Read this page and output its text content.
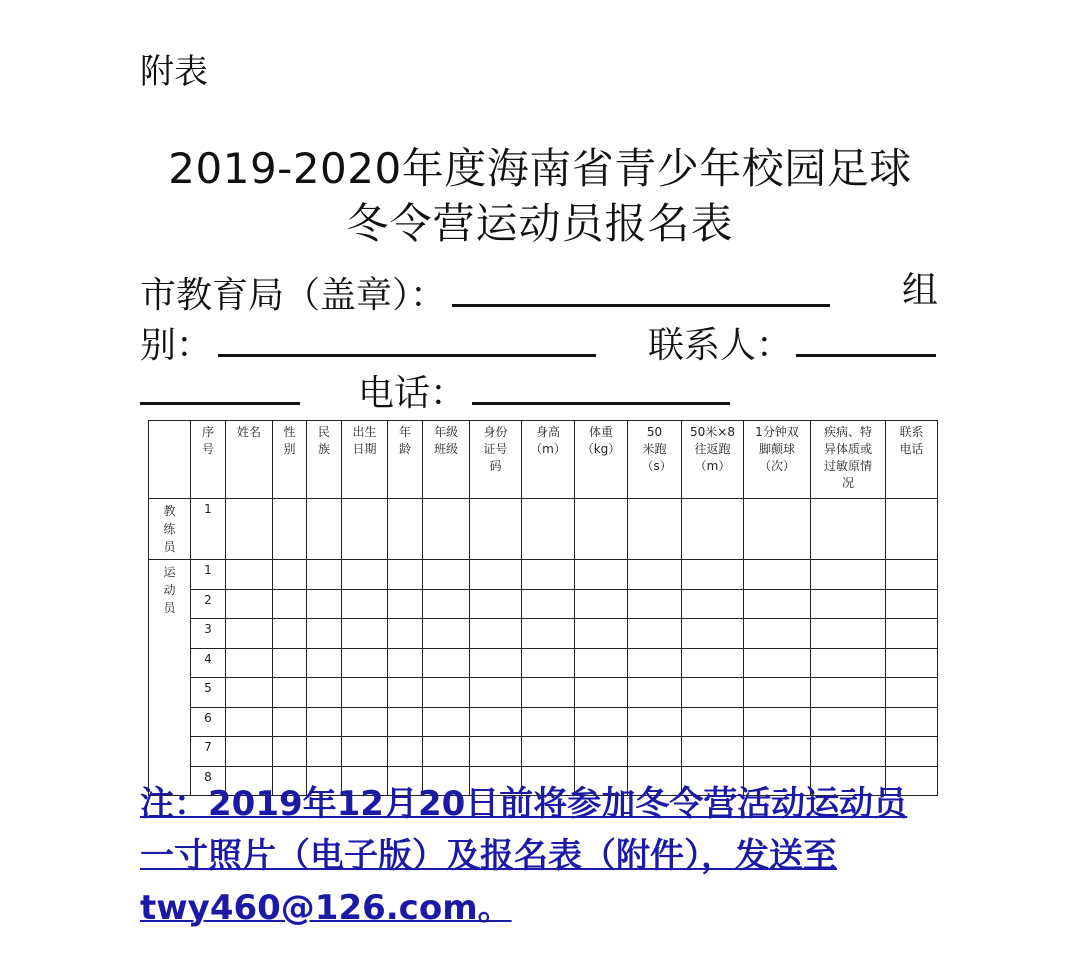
附表
2019-2020年度海南省青少年校园足球
冬令营运动员报名表
市教育局（盖章）：	组
别：	联系人：
电话：

	序号	姓名	性别	民族	出生日期	年龄	年级班级	身份证号码	身高（m）	体重（kg）	50米跑（s）	50米×8往返跑（m）	1分钟双脚颠球（次）	疾病、特异体质或过敏原情况	联系电话

教练员	1														

运动员	1														
	2														
	3														
	4														
	5														
	6														
	7														
	8														
注：2019年12月20日前将参加冬令营活动运动员一寸照片（电子版）及报名表（附件），发送至twy460@126.com。
